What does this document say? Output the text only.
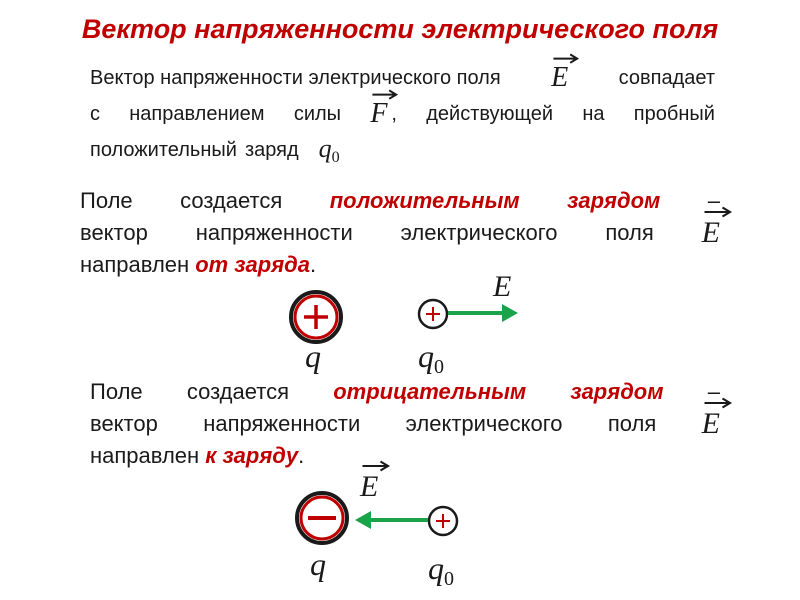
Вектор напряженности электрического поля
Вектор напряженности электрического поля E	совпадает
с направлением силы F , действующей на пробный
положительный заряд $q_0$
Поле создается положительным зарядом –
вектор напряженности электрического поля E
направлен от заряда .
Поле создается отрицательным зарядом –
вектор напряженности электрического поля E
направлен к заряду .
E
q	$q_0$
E
q	$q_0$
